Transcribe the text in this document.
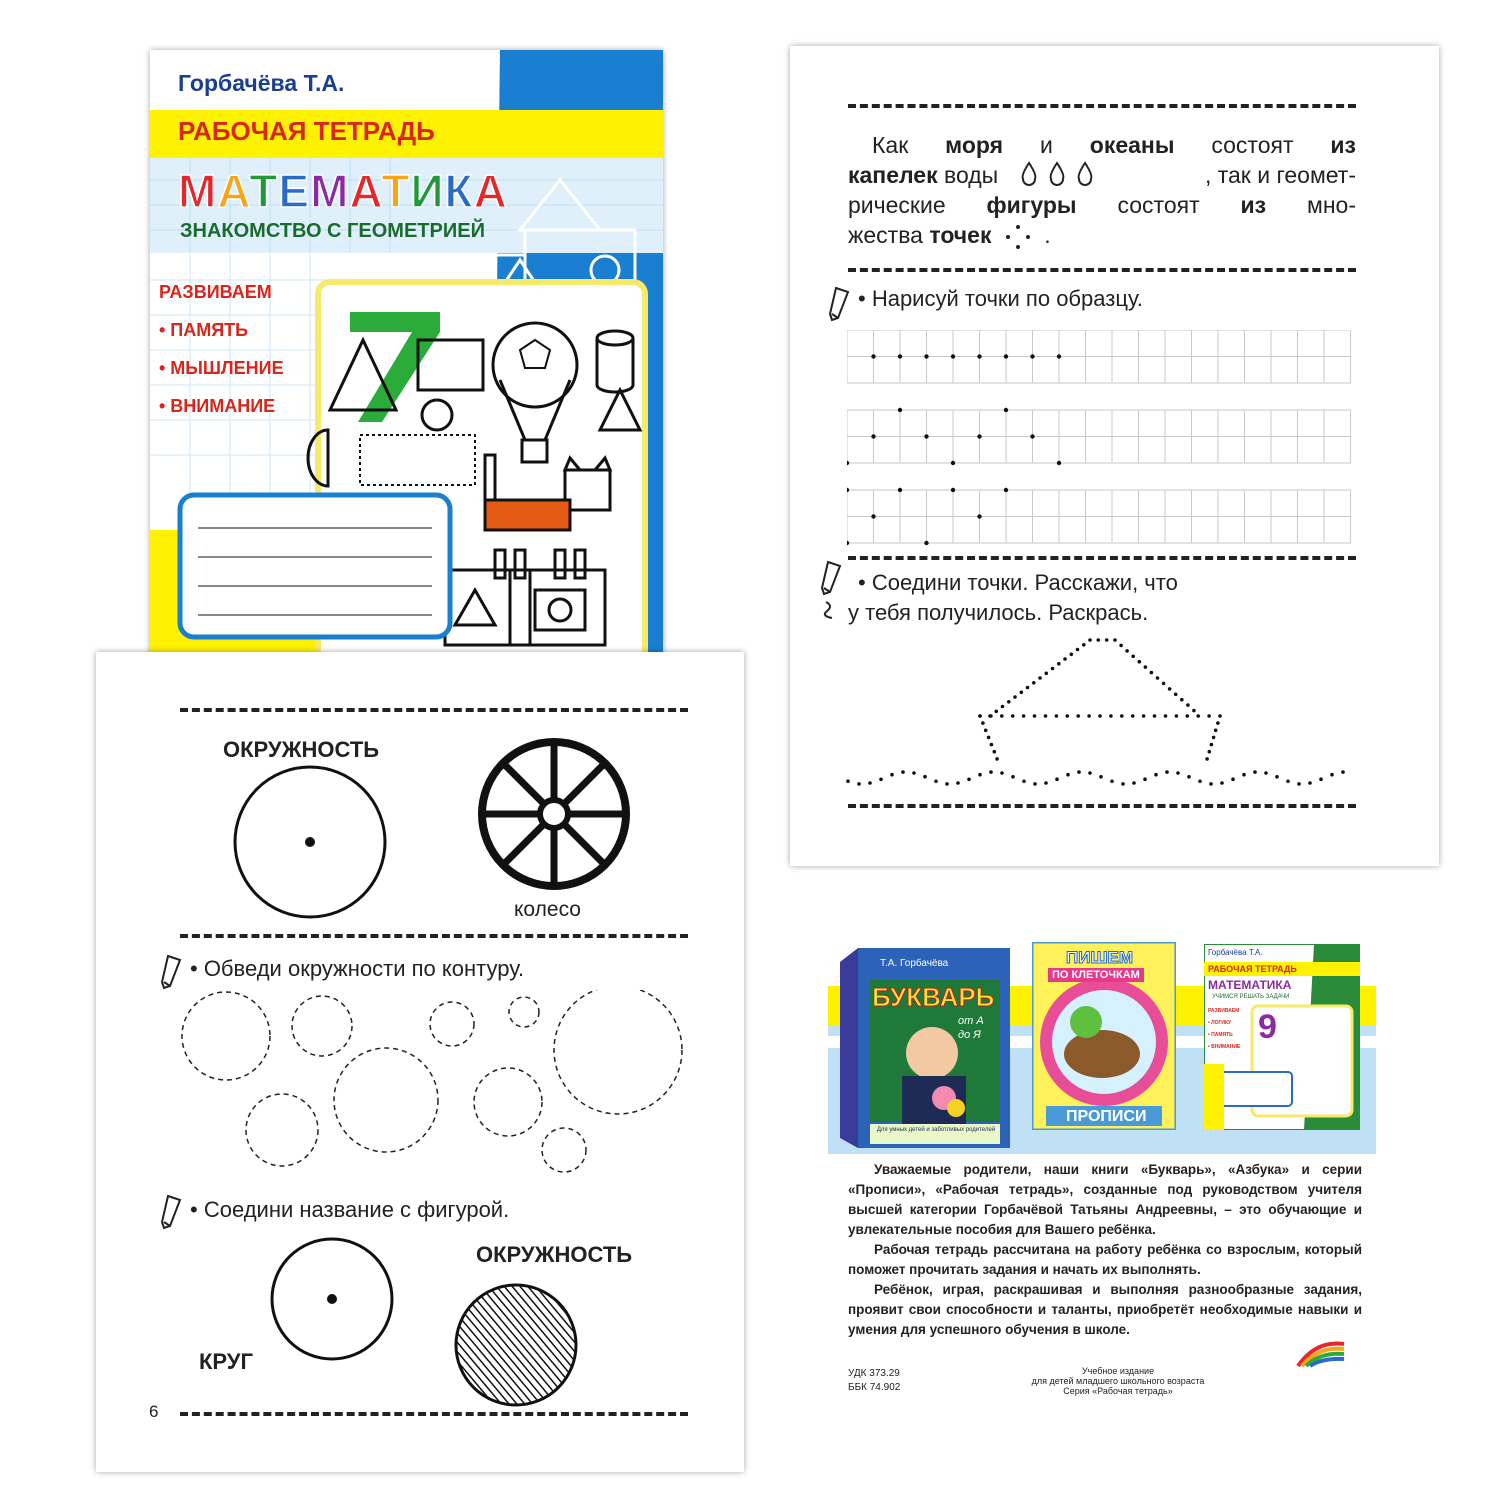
Горбачёва Т.А.
РАБОЧАЯ ТЕТРАДЬ
МАТЕМАТИКА
ЗНАКОМСТВО С ГЕОМЕТРИЕЙ
РАЗВИВАЕМ
• ПАМЯТЬ
• МЫШЛЕНИЕ
• ВНИМАНИЕ
Как моря и океаны состоят из
капелек воды	, так и геомет-
рические фигуры состоят из мно-
жества точек .
• Нарисуй точки по образцу.
• Соедини точки. Расскажи, что
у тебя получилось. Раскрась.
ОКРУЖНОСТЬ
колесо
• Обведи окружности по контуру.
• Соедини название с фигурой.
КРУГ
ОКРУЖНОСТЬ
6
Т.А. Горбачёва
БУКВАРЬ
от А до Я
Для умных детей и заботливых родителей
ПИШЕМ
ПО КЛЕТОЧКАМ
ПРОПИСИ
Горбачёва Т.А.
РАБОЧАЯ ТЕТРАДЬ
МАТЕМАТИКА
УЧИМСЯ РЕШАТЬ ЗАДАЧИ
РАЗВИВАЕМ
• ЛОГИКУ
• ПАМЯТЬ
• ВНИМАНИЕ
9
Уважаемые родители, наши книги «Букварь», «Азбука» и серии «Прописи», «Рабочая тетрадь», созданные под руководством учителя высшей категории Горбачёвой Татьяны Андреевны, – это обучающие и увлекательные пособия для Вашего ребёнка.
Рабочая тетрадь рассчитана на работу ребёнка со взрослым, который поможет прочитать задания и начать их выполнять.
Ребёнок, играя, раскрашивая и выполняя разнообразные задания, проявит свои способности и таланты, приобретёт необходимые навыки и умения для успешного обучения в школе.
УДК 373.29
ББК 74.902
Учебное издание
для детей младшего школьного возраста
Серия «Рабочая тетрадь»
